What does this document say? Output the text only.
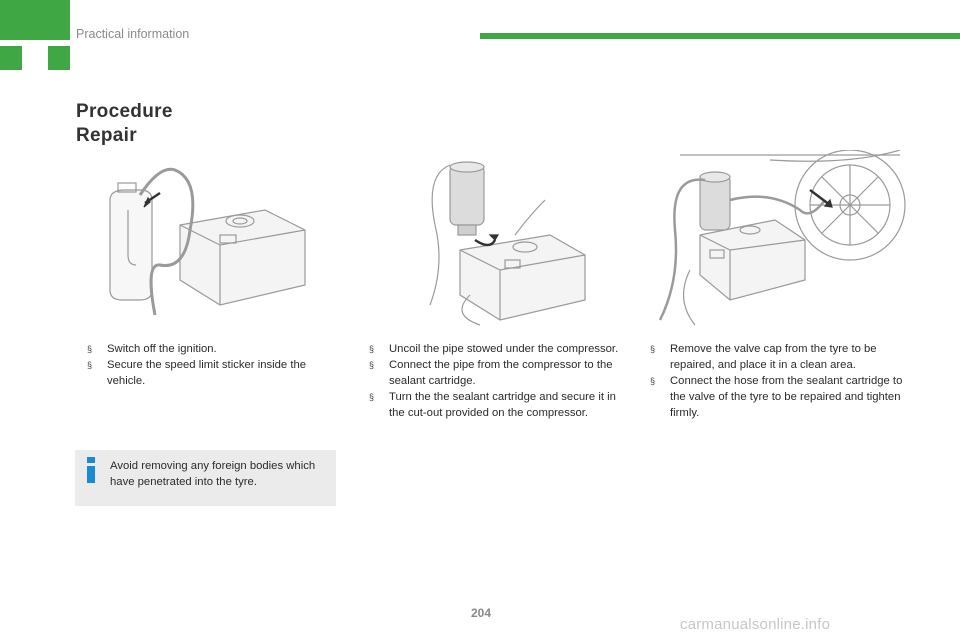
Practical information
Procedure
Repair
§ Switch off the ignition.
§ Secure the speed limit sticker inside the vehicle.
§ Uncoil the pipe stowed under the compressor.
§ Connect the pipe from the compressor to the sealant cartridge.
§ Turn the the sealant cartridge and secure it in the cut-out provided on the compressor.
§ Remove the valve cap from the tyre to be repaired, and place it in a clean area.
§ Connect the hose from the sealant cartridge to the valve of the tyre to be repaired and tighten firmly.
Avoid removing any foreign bodies which have penetrated into the tyre.
204
carmanualsonline.info
